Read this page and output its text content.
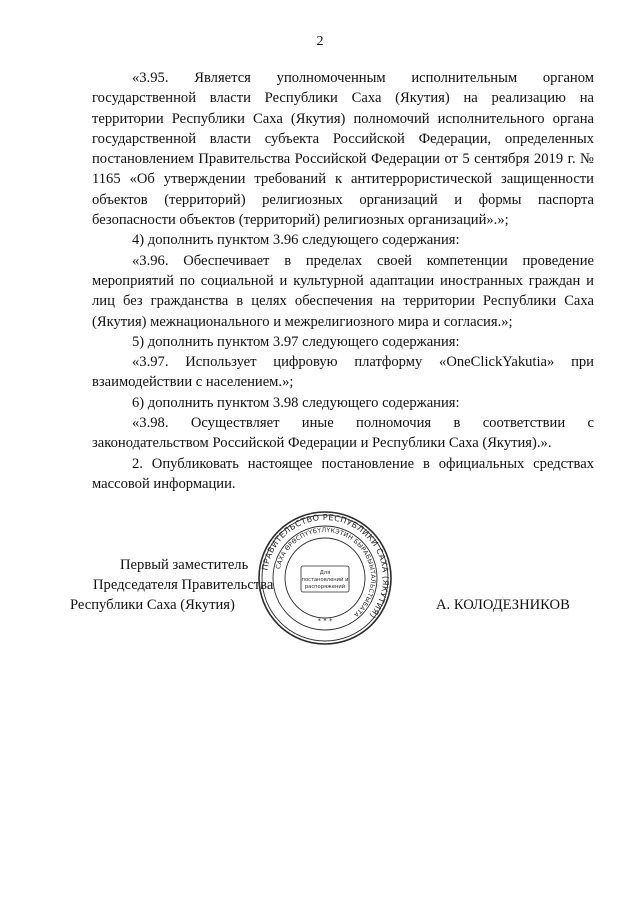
2

«3.95. Является уполномоченным исполнительным органом государственной власти Республики Саха (Якутия) на реализацию на территории Республики Саха (Якутия) полномочий исполнительного органа государственной власти субъекта Российской Федерации, определенных постановлением Правительства Российской Федерации от 5 сентября 2019 г. № 1165 «Об утверждении требований к антитеррористической защищенности объектов (территорий) религиозных организаций и формы паспорта безопасности объектов (территорий) религиозных организаций».»;

4) дополнить пунктом 3.96 следующего содержания:

«3.96. Обеспечивает в пределах своей компетенции проведение мероприятий по социальной и культурной адаптации иностранных граждан и лиц без гражданства в целях обеспечения на территории Республики Саха (Якутия) межнационального и межрелигиозного мира и согласия.»;

5) дополнить пунктом 3.97 следующего содержания:

«3.97. Использует цифровую платформу «OneClickYakutia» при взаимодействии с населением.»;

6) дополнить пунктом 3.98 следующего содержания:

«3.98. Осуществляет иные полномочия в соответствии с законодательством Российской Федерации и Республики Саха (Якутия).».

2. Опубликовать настоящее постановление в официальных средствах массовой информации.

Первый заместитель
Председателя Правительства
Республики Саха (Якутия)	А. КОЛОДЕЗНИКОВ
ПРАВИТЕЛЬСТВО РЕСПУБЛИКИ САХА (ЯКУТИЯ)
САХА ӨРӨСПҮҮБҮЛҮКЭТИН БЫРАБЫЫТАЛЬСТЫБАТА
Для
постановлений и
распоряжений
* * *
